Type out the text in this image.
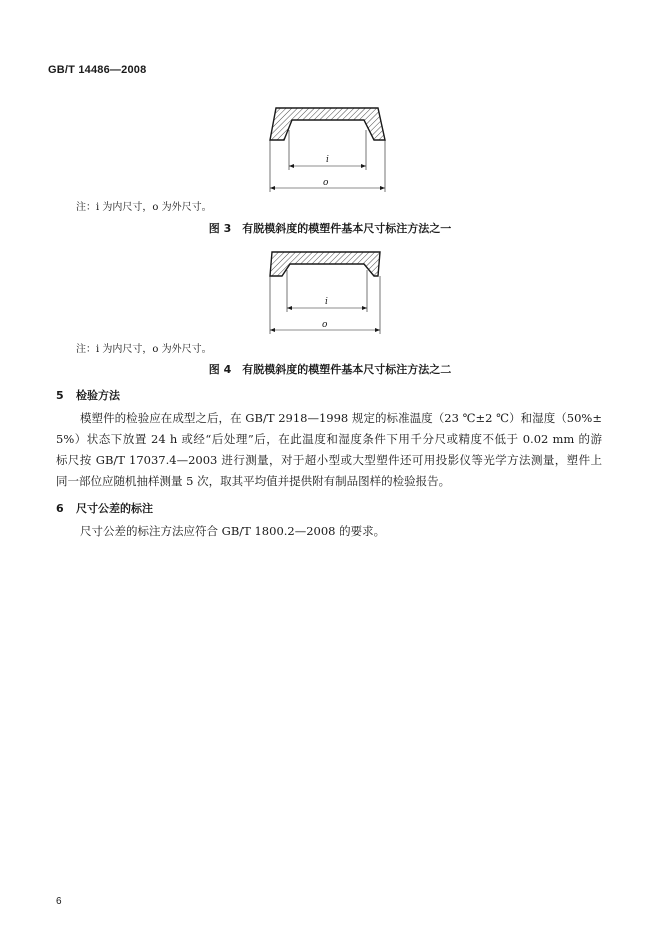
GB/T 14486—2008
i
o
注：i 为内尺寸，o 为外尺寸。
图 3　有脱模斜度的模塑件基本尺寸标注方法之一
i
o
注：i 为内尺寸，o 为外尺寸。
图 4　有脱模斜度的模塑件基本尺寸标注方法之二
5 检验方法
模塑件的检验应在成型之后，在 GB/T 2918—1998 规定的标准温度（23 ℃±2 ℃）和湿度（50%±
5%）状态下放置 24 h 或经“后处理”后，在此温度和湿度条件下用千分尺或精度不低于 0.02 mm 的游
标尺按 GB/T 17037.4—2003 进行测量，对于超小型或大型塑件还可用投影仪等光学方法测量，塑件上
同一部位应随机抽样测量 5 次，取其平均值并提供附有制品图样的检验报告。
6 尺寸公差的标注
尺寸公差的标注方法应符合 GB/T 1800.2—2008 的要求。
6
